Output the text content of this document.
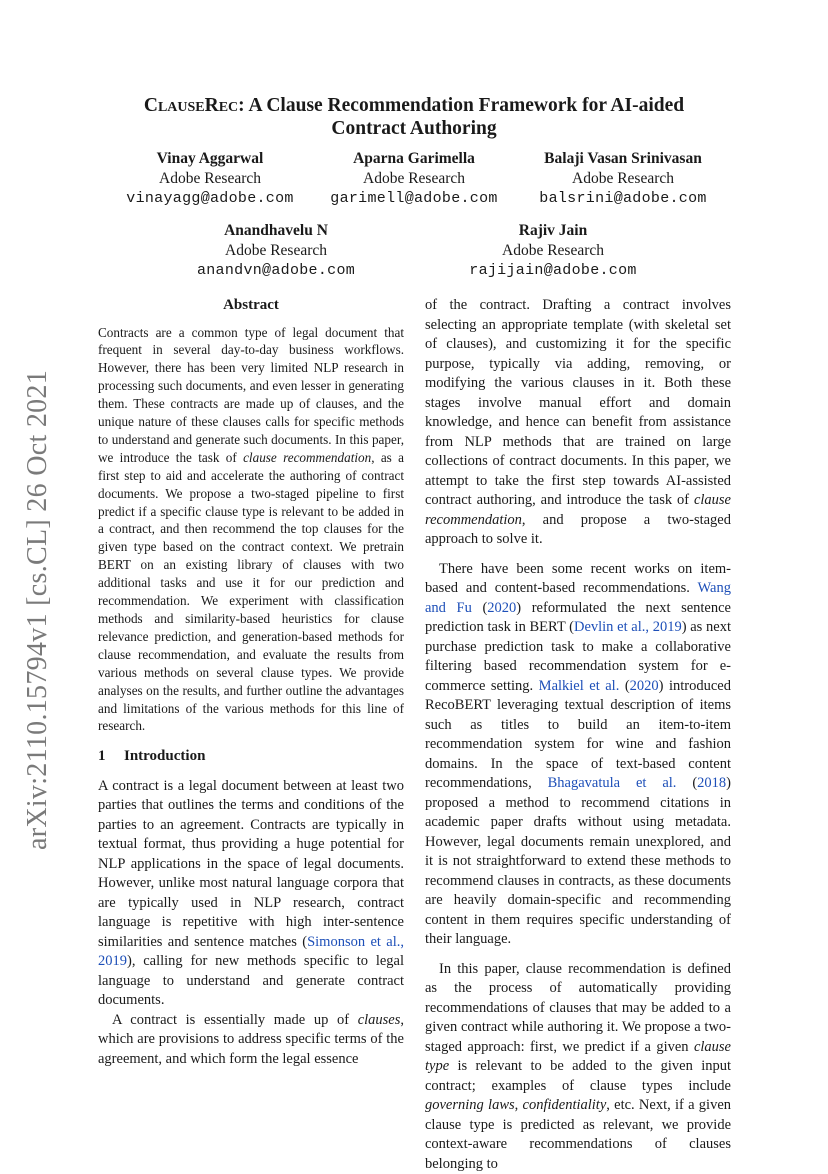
arXiv:2110.15794v1 [cs.CL] 26 Oct 2021
ClauseRec: A Clause Recommendation Framework for AI-aided
Contract Authoring
Vinay Aggarwal
Adobe Research
vinayagg@adobe.com
Aparna Garimella
Adobe Research
garimell@adobe.com
Balaji Vasan Srinivasan
Adobe Research
balsrini@adobe.com
Anandhavelu N
Adobe Research
anandvn@adobe.com
Rajiv Jain
Adobe Research
rajijain@adobe.com
Abstract

Contracts are a common type of legal document that frequent in several day-to-day business workflows. However, there has been very limited NLP research in processing such documents, and even lesser in generating them. These contracts are made up of clauses, and the unique nature of these clauses calls for specific methods to understand and generate such documents. In this paper, we introduce the task of clause recommendation, as a first step to aid and accelerate the authoring of contract documents. We propose a two-staged pipeline to first predict if a specific clause type is relevant to be added in a contract, and then recommend the top clauses for the given type based on the contract context. We pretrain BERT on an existing library of clauses with two additional tasks and use it for our prediction and recommendation. We experiment with classification methods and similarity-based heuristics for clause relevance prediction, and generation-based methods for clause recommendation, and evaluate the results from various methods on several clause types. We provide analyses on the results, and further outline the advantages and limitations of the various methods for this line of research.

1 Introduction

A contract is a legal document between at least two parties that outlines the terms and conditions of the parties to an agreement. Contracts are typically in textual format, thus providing a huge potential for NLP applications in the space of legal documents. However, unlike most natural language corpora that are typically used in NLP research, contract language is repetitive with high inter-sentence similarities and sentence matches (Simonson et al., 2019), calling for new methods specific to legal language to understand and generate contract documents.

A contract is essentially made up of clauses, which are provisions to address specific terms of the agreement, and which form the legal essence

of the contract. Drafting a contract involves selecting an appropriate template (with skeletal set of clauses), and customizing it for the specific purpose, typically via adding, removing, or modifying the various clauses in it. Both these stages involve manual effort and domain knowledge, and hence can benefit from assistance from NLP methods that are trained on large collections of contract documents. In this paper, we attempt to take the first step towards AI-assisted contract authoring, and introduce the task of clause recommendation, and propose a two-staged approach to solve it.

There have been some recent works on item-based and content-based recommendations. Wang and Fu (2020) reformulated the next sentence prediction task in BERT (Devlin et al., 2019) as next purchase prediction task to make a collaborative filtering based recommendation system for e-commerce setting. Malkiel et al. (2020) introduced RecoBERT leveraging textual description of items such as titles to build an item-to-item recommendation system for wine and fashion domains. In the space of text-based content recommendations, Bhagavatula et al. (2018) proposed a method to recommend citations in academic paper drafts without using metadata. However, legal documents remain unexplored, and it is not straightforward to extend these methods to recommend clauses in contracts, as these documents are heavily domain-specific and recommending content in them requires specific understanding of their language.

In this paper, clause recommendation is defined as the process of automatically providing recommendations of clauses that may be added to a given contract while authoring it. We propose a two-staged approach: first, we predict if a given clause type is relevant to be added to the given input contract; examples of clause types include governing laws, confidentiality, etc. Next, if a given clause type is predicted as relevant, we provide context-aware recommendations of clauses belonging to
